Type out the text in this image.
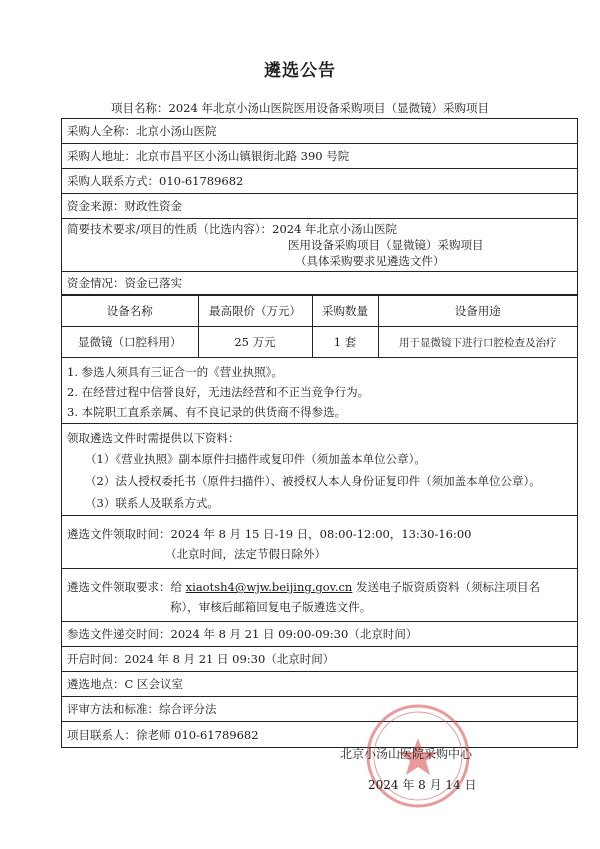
遴选公告
项目名称：2024 年北京小汤山医院医用设备采购项目（显微镜）采购项目
采购人全称： 北京小汤山医院
采购人地址： 北京市昌平区小汤山镇银街北路 390 号院
采购人联系方式： 010-61789682
资金来源： 财政性资金
简要技术要求/项目的性质（比选内容）：2024 年北京小汤山医院
医用设备采购项目（显微镜）采购项目
（具体采购要求见遴选文件）
资金情况： 资金已落实
设备名称	最高限价（万元）	采购数量	设备用途
显微镜（口腔科用）	25 万元	1 套	用于显微镜下进行口腔检查及治疗
1. 参选人须具有三证合一的《营业执照》。
2. 在经营过程中信誉良好，无违法经营和不正当竞争行为。
3. 本院职工直系亲属、有不良记录的供货商不得参选。
领取遴选文件时需提供以下资料：
（1）《营业执照》副本原件扫描件或复印件（须加盖本单位公章）。
（2）法人授权委托书（原件扫描件）、被授权人本人身份证复印件（须加盖本单位公章）。
（3）联系人及联系方式。
遴选文件领取时间：2024 年 8 月 15 日-19 日，08:00-12:00，13:30-16:00
（北京时间，法定节假日除外）
遴选文件领取要求：给 xiaotsh4@wjw.beijing.gov.cn 发送电子版资质资料（须标注项目名
称），审核后邮箱回复电子版遴选文件。
参选文件递交时间： 2024 年 8 月 21 日 09:00-09:30（北京时间）
开启时间： 2024 年 8 月 21 日 09:30（北京时间）
遴选地点： C 区会议室
评审方法和标准： 综合评分法
项目联系人： 徐老师 010-61789682
北京小汤山医院采购中心
2024 年 8 月 14 日
